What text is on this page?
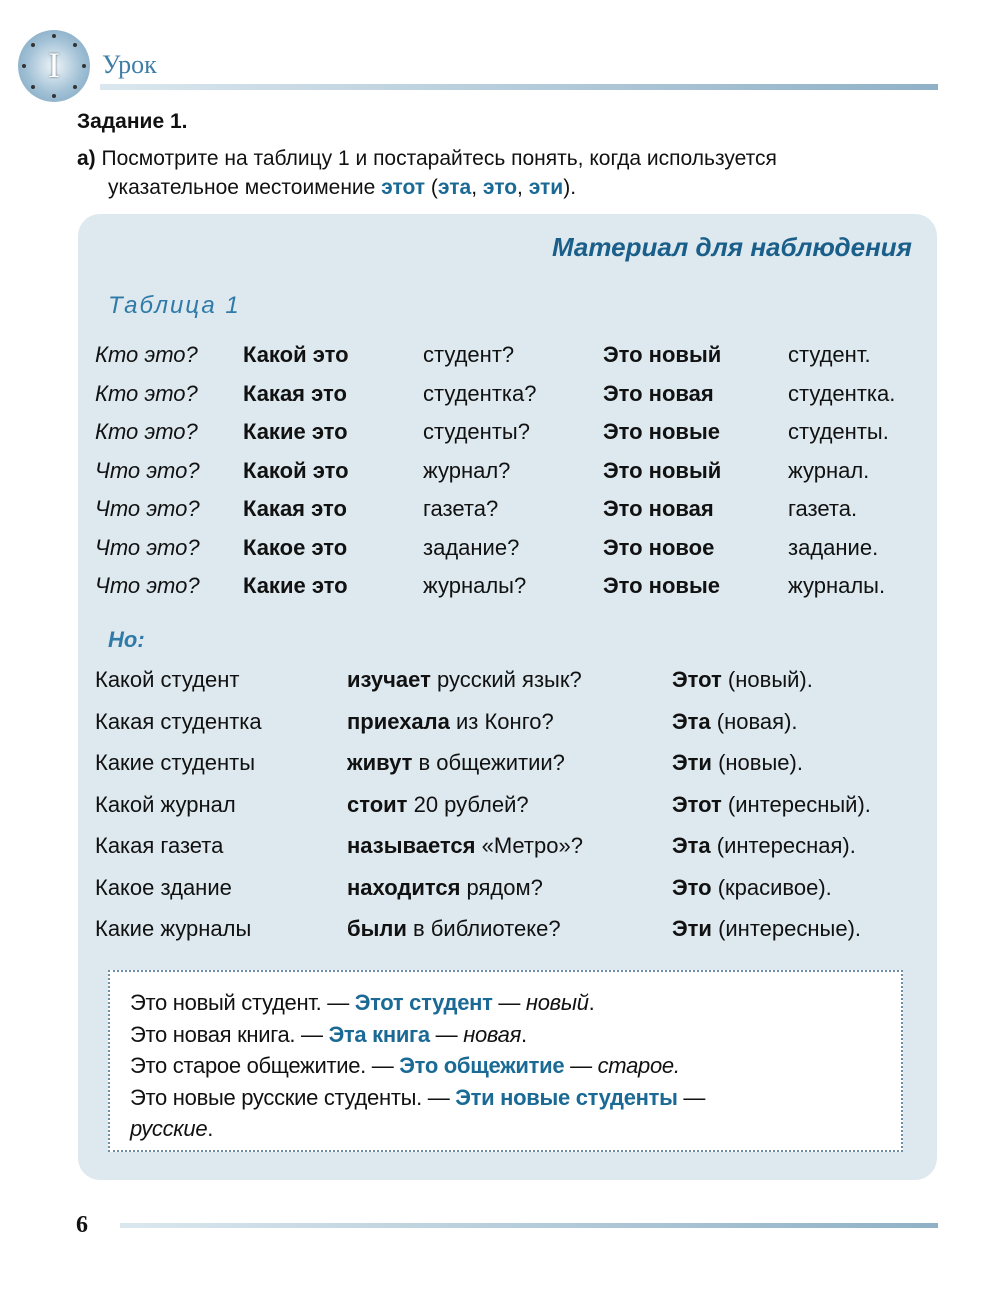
I	Урок
Задание 1.
а) Посмотрите на таблицу 1 и постарайтесь понять, когда используется
указательное местоимение этот (эта, это, эти).
Материал для наблюдения
Таблица 1
Кто это? Какой это	студент?	Это новый	студент.
Кто это? Какая это	студентка?	Это новая	студентка.
Кто это? Какие это	студенты?	Это новые	студенты.
Что это? Какой это	журнал?	Это новый	журнал.
Что это? Какая это	газета?	Это новая	газета.
Что это? Какое это	задание?	Это новое	задание.
Что это? Какие это	журналы?	Это новые	журналы.
Но:
Какой студент	изучает русский язык?	Этот (новый).
Какая студентка	приехала из Конго?	Эта (новая).
Какие студенты	живут в общежитии?	Эти (новые).
Какой журнал	стоит 20 рублей?	Этот (интересный).
Какая газета	называется «Метро»?	Эта (интересная).
Какое здание	находится рядом?	Это (красивое).
Какие журналы	были в библиотеке?	Эти (интересные).
Это новый студент. — Этот студент — новый.
Это новая книга. — Эта книга — новая.
Это старое общежитие. — Это общежитие — старое.
Это новые русские студенты. — Эти новые студенты —
русские.
6
